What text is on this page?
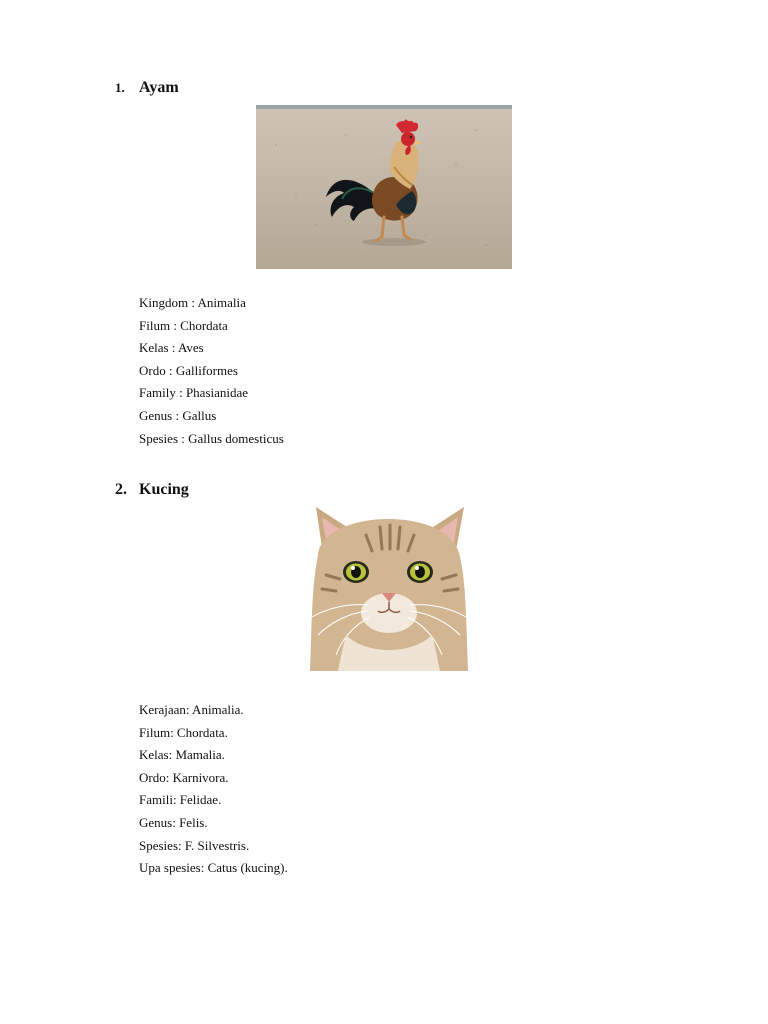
1. Ayam
Kingdom : Animalia
Filum : Chordata
Kelas : Aves
Ordo : Galliformes
Family : Phasianidae
Genus : Gallus
Spesies : Gallus domesticus
2. Kucing
Kerajaan: Animalia.
Filum: Chordata.
Kelas: Mamalia.
Ordo: Karnivora.
Famili: Felidae.
Genus: Felis.
Spesies: F. Silvestris.
Upa spesies: Catus (kucing).
